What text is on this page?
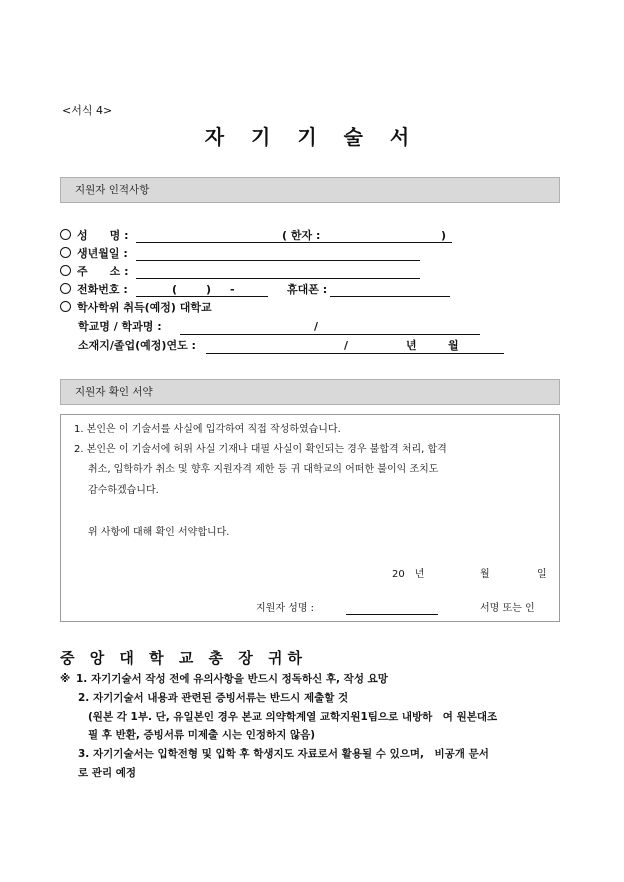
<서식 4>
자 기 기 술 서
지원자 인적사항
성　　명 :	( 한자 :	)
생년월일 :
주　　소 :
전화번호 :	(	) -	휴대폰 :
학사학위 취득(예정) 대학교
학교명 / 학과명 :	/
소재지/졸업(예정)연도 :	/	년	월
지원자 확인 서약
1. 본인은 이 기술서를 사실에 입각하여 직접 작성하였습니다.
2. 본인은 이 기술서에 허위 사실 기재나 대필 사실이 확인되는 경우 불합격 처리, 합격
취소, 입학하가 취소 및 향후 지원자격 제한 등 귀 대학교의 어떠한 불이익 조치도
감수하겠습니다.
위 사항에 대해 확인 서약합니다.
20　년	월	일
지원자 성명 :	서명 또는 인
중 앙 대 학 교 총 장 귀하
※ 1. 자기기술서 작성 전에 유의사항을 반드시 정독하신 후, 작성 요망
2. 자기기술서 내용과 관련된 증빙서류는 반드시 제출할 것
(원본 각 1부. 단, 유일본인 경우 본교 의약학계열 교학지원1팀으로 내방하　여 원본대조
필 후 반환, 증빙서류 미제출 시는 인정하지 않음)
3. 자기기술서는 입학전형 및 입학 후 학생지도 자료로서 활용될 수 있으며,　비공개 문서
로 관리 예정
